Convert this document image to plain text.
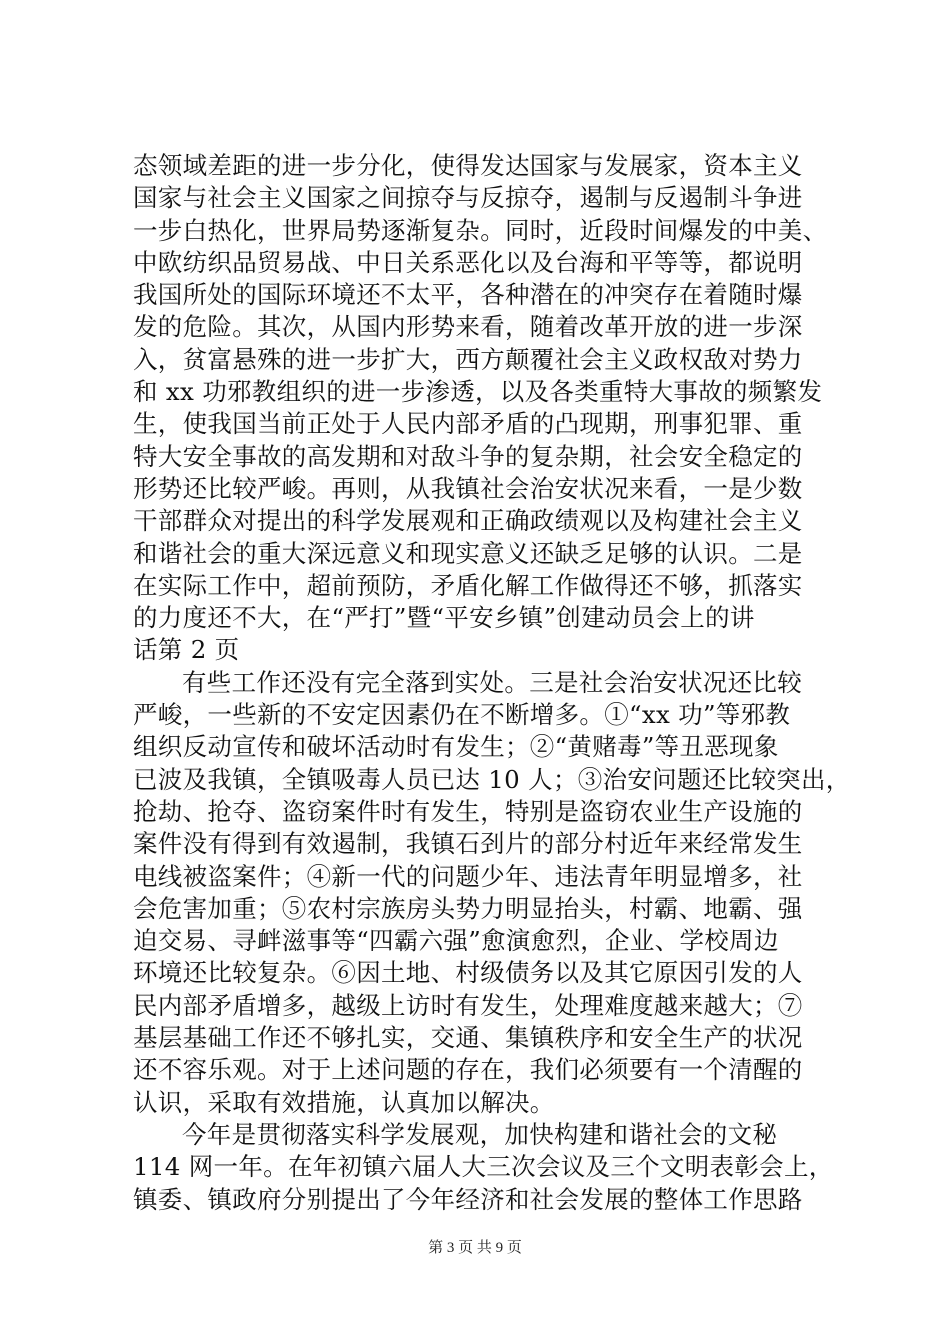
态领域差距的进一步分化，使得发达国家与发展家，资本主义
国家与社会主义国家之间掠夺与反掠夺，遏制与反遏制斗争进
一步白热化，世界局势逐渐复杂。同时，近段时间爆发的中美、
中欧纺织品贸易战、中日关系恶化以及台海和平等等，都说明
我国所处的国际环境还不太平，各种潜在的冲突存在着随时爆
发的危险。其次，从国内形势来看，随着改革开放的进一步深
入，贫富悬殊的进一步扩大，西方颠覆社会主义政权敌对势力
和 xx 功邪教组织的进一步渗透，以及各类重特大事故的频繁发
生，使我国当前正处于人民内部矛盾的凸现期，刑事犯罪、重
特大安全事故的高发期和对敌斗争的复杂期，社会安全稳定的
形势还比较严峻。再则，从我镇社会治安状况来看，一是少数
干部群众对提出的科学发展观和正确政绩观以及构建社会主义
和谐社会的重大深远意义和现实意义还缺乏足够的认识。二是
在实际工作中，超前预防，矛盾化解工作做得还不够，抓落实
的力度还不大，在“严打”暨“平安乡镇”创建动员会上的讲
话第 2 页
有些工作还没有完全落到实处。三是社会治安状况还比较
严峻，一些新的不安定因素仍在不断增多。①“xx 功”等邪教
组织反动宣传和破坏活动时有发生；②“黄赌毒”等丑恶现象
已波及我镇，全镇吸毒人员已达 10 人；③治安问题还比较突出，
抢劫、抢夺、盗窃案件时有发生，特别是盗窃农业生产设施的
案件没有得到有效遏制，我镇石刭片的部分村近年来经常发生
电线被盗案件；④新一代的问题少年、违法青年明显增多，社
会危害加重；⑤农村宗族房头势力明显抬头，村霸、地霸、强
迫交易、寻衅滋事等“四霸六强”愈演愈烈，企业、学校周边
环境还比较复杂。⑥因土地、村级债务以及其它原因引发的人
民内部矛盾增多，越级上访时有发生，处理难度越来越大；⑦
基层基础工作还不够扎实，交通、集镇秩序和安全生产的状况
还不容乐观。对于上述问题的存在，我们必须要有一个清醒的
认识，采取有效措施，认真加以解决。
今年是贯彻落实科学发展观，加快构建和谐社会的文秘
114 网一年。在年初镇六届人大三次会议及三个文明表彰会上，
镇委、镇政府分别提出了今年经济和社会发展的整体工作思路
第 3 页 共 9 页
